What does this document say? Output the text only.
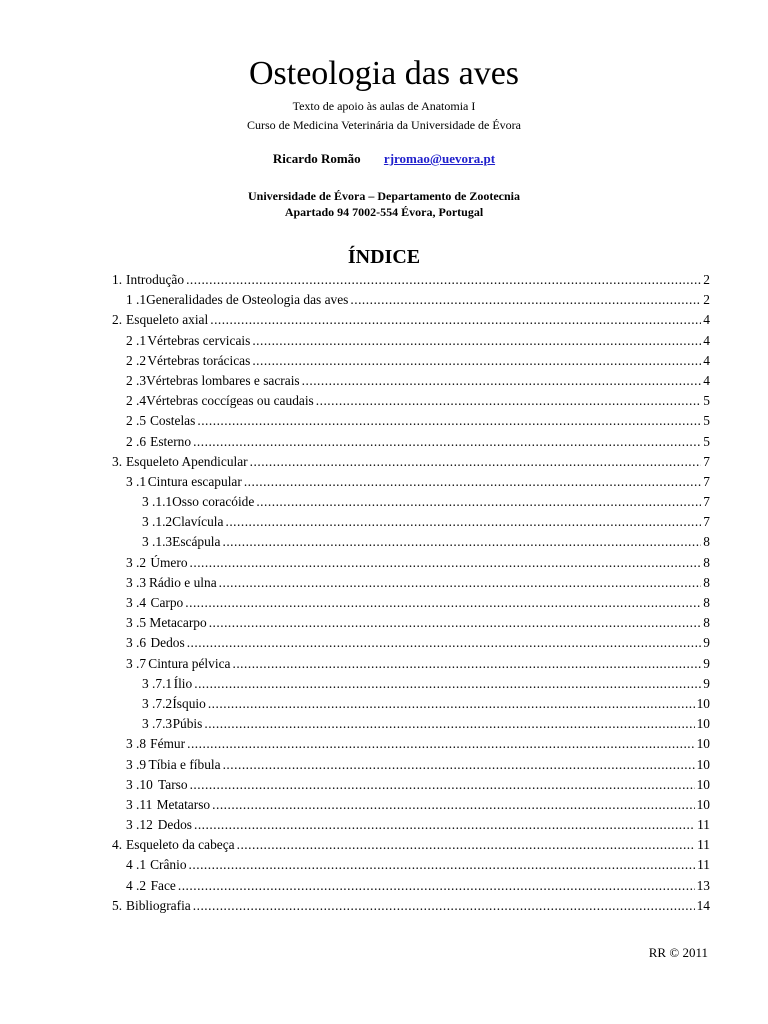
Osteologia das aves
Texto de apoio às aulas de Anatomia I
Curso de Medicina Veterinária da Universidade de Évora
Ricardo Romão rjromao@uevora.pt
Universidade de Évora – Departamento de Zootecnia
Apartado 94 7002-554 Évora, Portugal
ÍNDICE
1. Introdução .....	2
1 .1 Generalidades de Osteologia das aves .....	2
2. Esqueleto axial .....	4
2 .1 Vértebras cervicais .....	4
2 .2 Vértebras torácicas .....	4
2 .3 Vértebras lombares e sacrais .....	4
2 .4 Vértebras coccígeas ou caudais .....	5
2 .5 Costelas .....	5
2 .6 Esterno .....	5
3. Esqueleto Apendicular .....	7
3 .1 Cintura escapular .....	7
3 .1.1 Osso coracóide .....	7
3 .1.2 Clavícula .....	7
3 .1.3 Escápula .....	8
3 .2 Úmero .....	8
3 .3 Rádio e ulna .....	8
3 .4 Carpo .....	8
3 .5 Metacarpo .....	8
3 .6 Dedos .....	9
3 .7 Cintura pélvica .....	9
3 .7.1 Ílio .....	9
3 .7.2 Ísquio .....	10
3 .7.3 Púbis .....	10
3 .8 Fémur .....	10
3 .9 Tíbia e fíbula .....	10
3 .10 Tarso .....	10
3 .11 Metatarso .....	10
3 .12 Dedos .....	11
4. Esqueleto da cabeça .....	11
4 .1 Crânio .....	11
4 .2 Face .....	13
5. Bibliografia .....	14
RR © 2011
